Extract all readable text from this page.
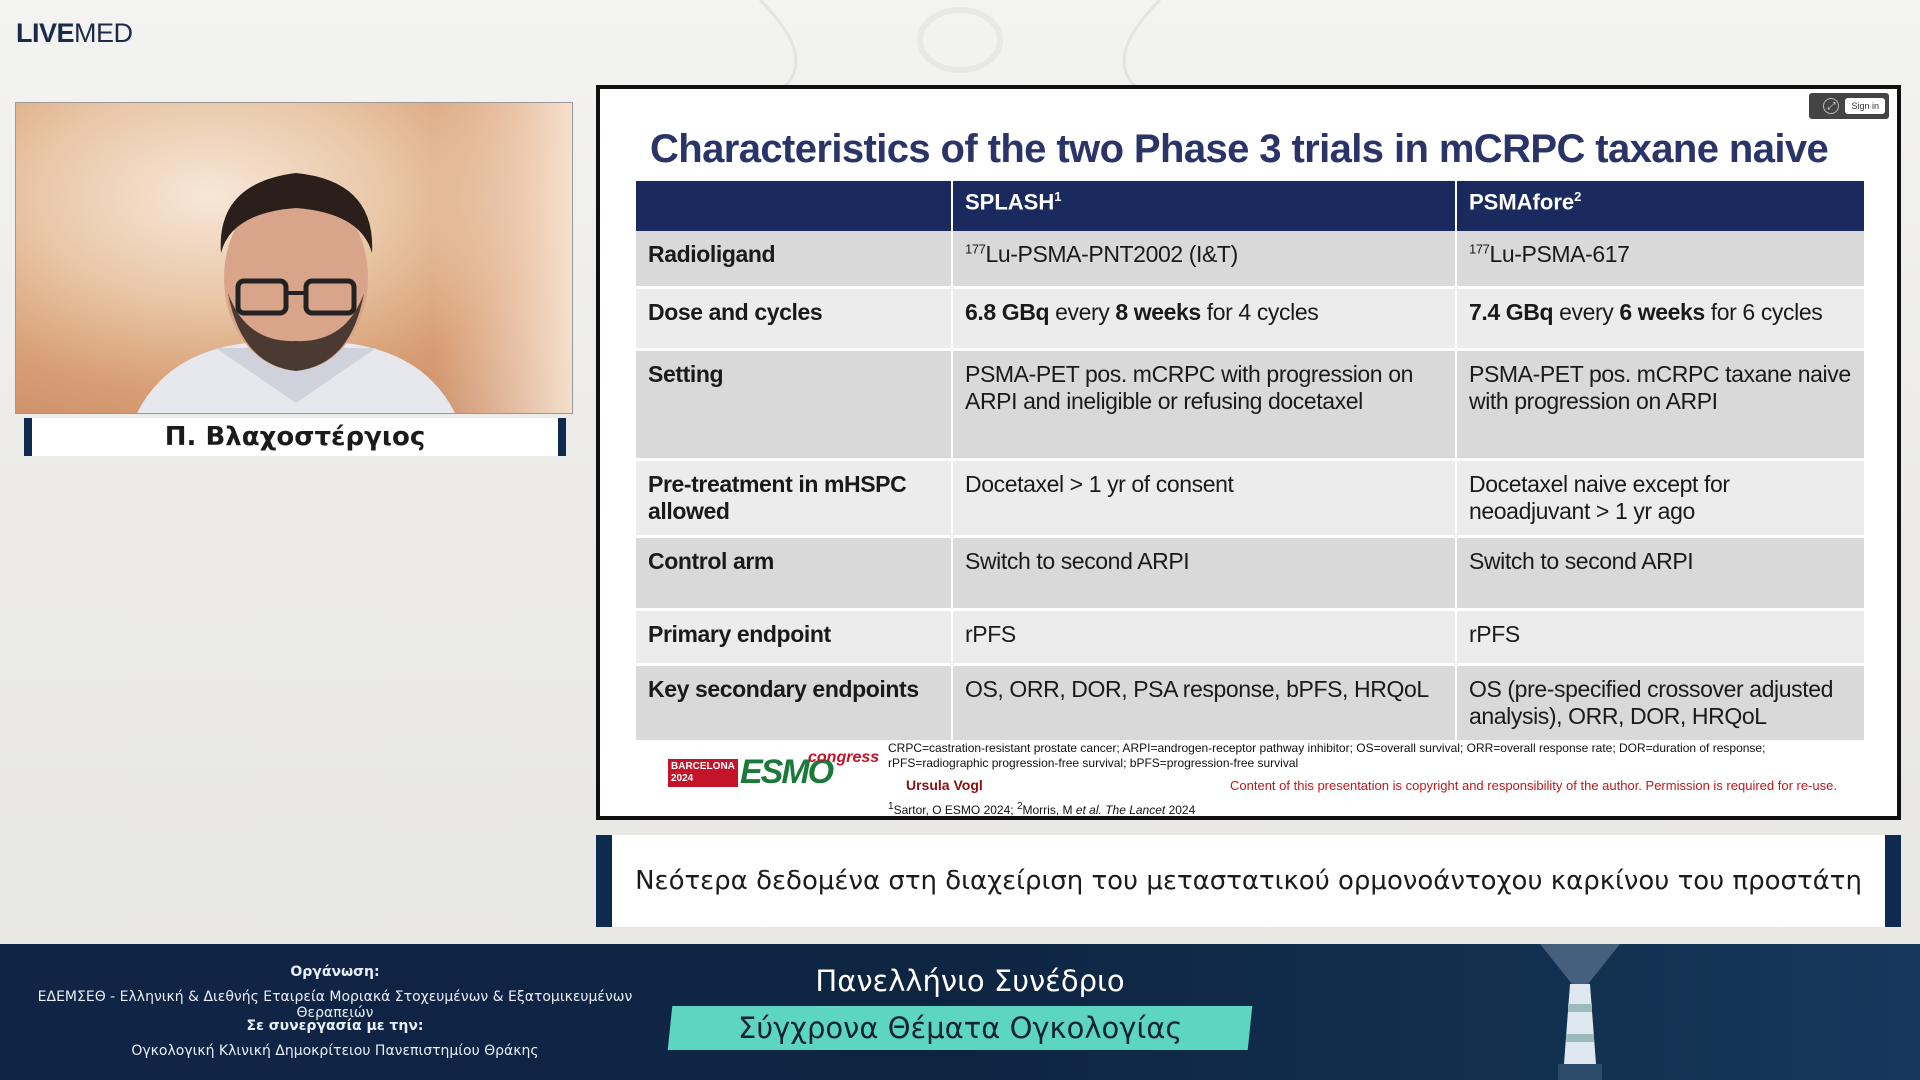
LIVEMED
Π. Βλαχοστέργιος
⤢	Sign in
Characteristics of the two Phase 3 trials in mCRPC taxane naive
	SPLASH$^1$	PSMAfore$^2$
Radioligand	$^{177}$Lu-PSMA-PNT2002 (I&T)	$^{177}$Lu-PSMA-617
Dose and cycles	6.8 GBq every 8 weeks for 4 cycles	7.4 GBq every 6 weeks for 6 cycles
Setting	PSMA-PET pos. mCRPC with progression on ARPI and ineligible or refusing docetaxel	PSMA-PET pos. mCRPC taxane naive with progression on ARPI
Pre-treatment in mHSPC allowed	Docetaxel > 1 yr of consent	Docetaxel naive except for neoadjuvant > 1 yr ago
Control arm	Switch to second ARPI	Switch to second ARPI
Primary endpoint	rPFS	rPFS
Key secondary endpoints	OS, ORR, DOR, PSA response, bPFS, HRQoL	OS (pre-specified crossover adjusted analysis), ORR, DOR, HRQoL
BARCELONA
2024	ESMO
congress
CRPC=castration-resistant prostate cancer; ARPI=androgen-receptor pathway inhibitor; OS=overall survival; ORR=overall response rate; DOR=duration of response; rPFS=radiographic progression-free survival; bPFS=progression-free survival
Ursula Vogl	Content of this presentation is copyright and responsibility of the author. Permission is required for re-use.
$^1$Sartor, O ESMO 2024; $^2$Morris, M et al. The Lancet 2024
Νεότερα δεδομένα στη διαχείριση του μεταστατικού ορμονοάντοχου καρκίνου του προστάτη
Οργάνωση:
ΕΔΕΜΣΕΘ - Ελληνική & Διεθνής Εταιρεία Μοριακά Στοχευμένων & Εξατομικευμένων Θεραπειών
Σε συνεργασία με την:
Ογκολογική Κλινική Δημοκρίτειου Πανεπιστημίου Θράκης
Πανελλήνιο Συνέδριο
Σύγχρονα Θέματα Ογκολογίας
